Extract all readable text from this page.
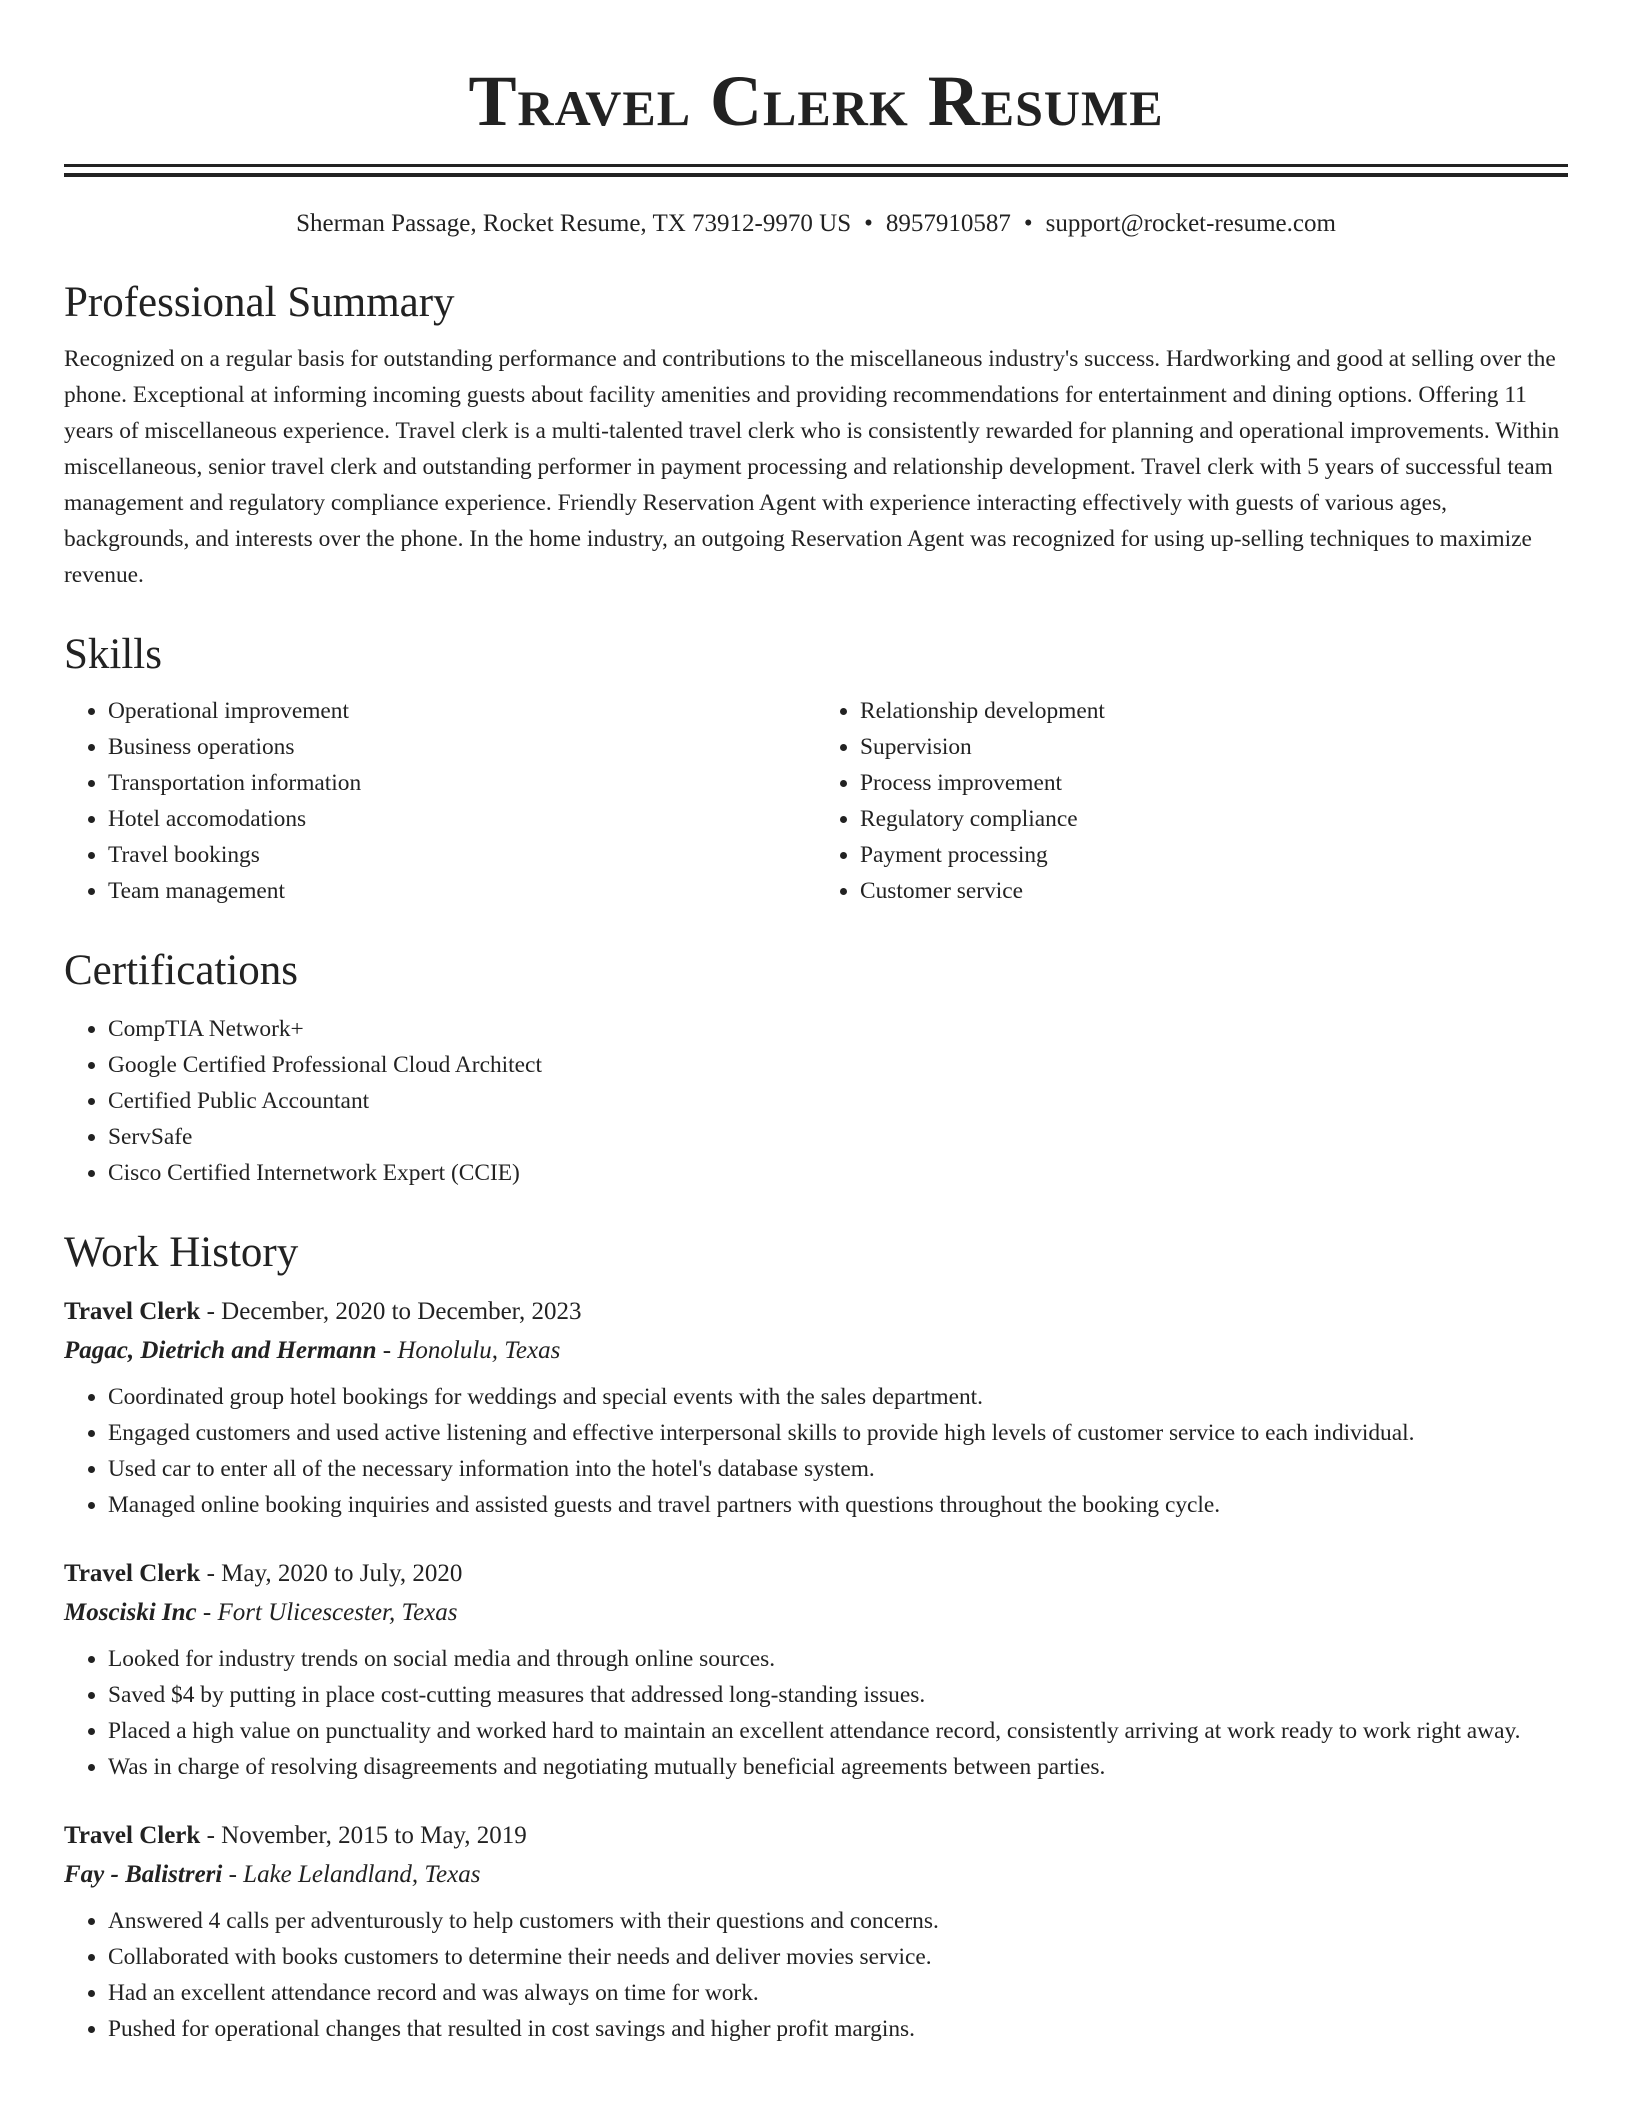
Travel Clerk Resume
Sherman Passage, Rocket Resume, TX 73912-9970 US • 8957910587 • support@rocket-resume.com
Professional Summary

Recognized on a regular basis for outstanding performance and contributions to the miscellaneous industry's success. Hardworking and good at selling over the phone. Exceptional at informing incoming guests about facility amenities and providing recommendations for entertainment and dining options. Offering 11 years of miscellaneous experience. Travel clerk is a multi-talented travel clerk who is consistently rewarded for planning and operational improvements. Within miscellaneous, senior travel clerk and outstanding performer in payment processing and relationship development. Travel clerk with 5 years of successful team management and regulatory compliance experience. Friendly Reservation Agent with experience interacting effectively with guests of various ages, backgrounds, and interests over the phone. In the home industry, an outgoing Reservation Agent was recognized for using up-selling techniques to maximize revenue.

Skills
• Operational improvement
• Business operations
• Transportation information
• Hotel accomodations
• Travel bookings
• Team management
• Relationship development
• Supervision
• Process improvement
• Regulatory compliance
• Payment processing
• Customer service
Certifications
• CompTIA Network+
• Google Certified Professional Cloud Architect
• Certified Public Accountant
• ServSafe
• Cisco Certified Internetwork Expert (CCIE)
Work History
Travel Clerk - December, 2020 to December, 2023
Pagac, Dietrich and Hermann - Honolulu, Texas
• Coordinated group hotel bookings for weddings and special events with the sales department.
• Engaged customers and used active listening and effective interpersonal skills to provide high levels of customer service to each individual.
• Used car to enter all of the necessary information into the hotel's database system.
• Managed online booking inquiries and assisted guests and travel partners with questions throughout the booking cycle.
Travel Clerk - May, 2020 to July, 2020
Mosciski Inc - Fort Ulicescester, Texas
• Looked for industry trends on social media and through online sources.
• Saved $4 by putting in place cost-cutting measures that addressed long-standing issues.
• Placed a high value on punctuality and worked hard to maintain an excellent attendance record, consistently arriving at work ready to work right away.
• Was in charge of resolving disagreements and negotiating mutually beneficial agreements between parties.
Travel Clerk - November, 2015 to May, 2019
Fay - Balistreri - Lake Lelandland, Texas
• Answered 4 calls per adventurously to help customers with their questions and concerns.
• Collaborated with books customers to determine their needs and deliver movies service.
• Had an excellent attendance record and was always on time for work.
• Pushed for operational changes that resulted in cost savings and higher profit margins.
